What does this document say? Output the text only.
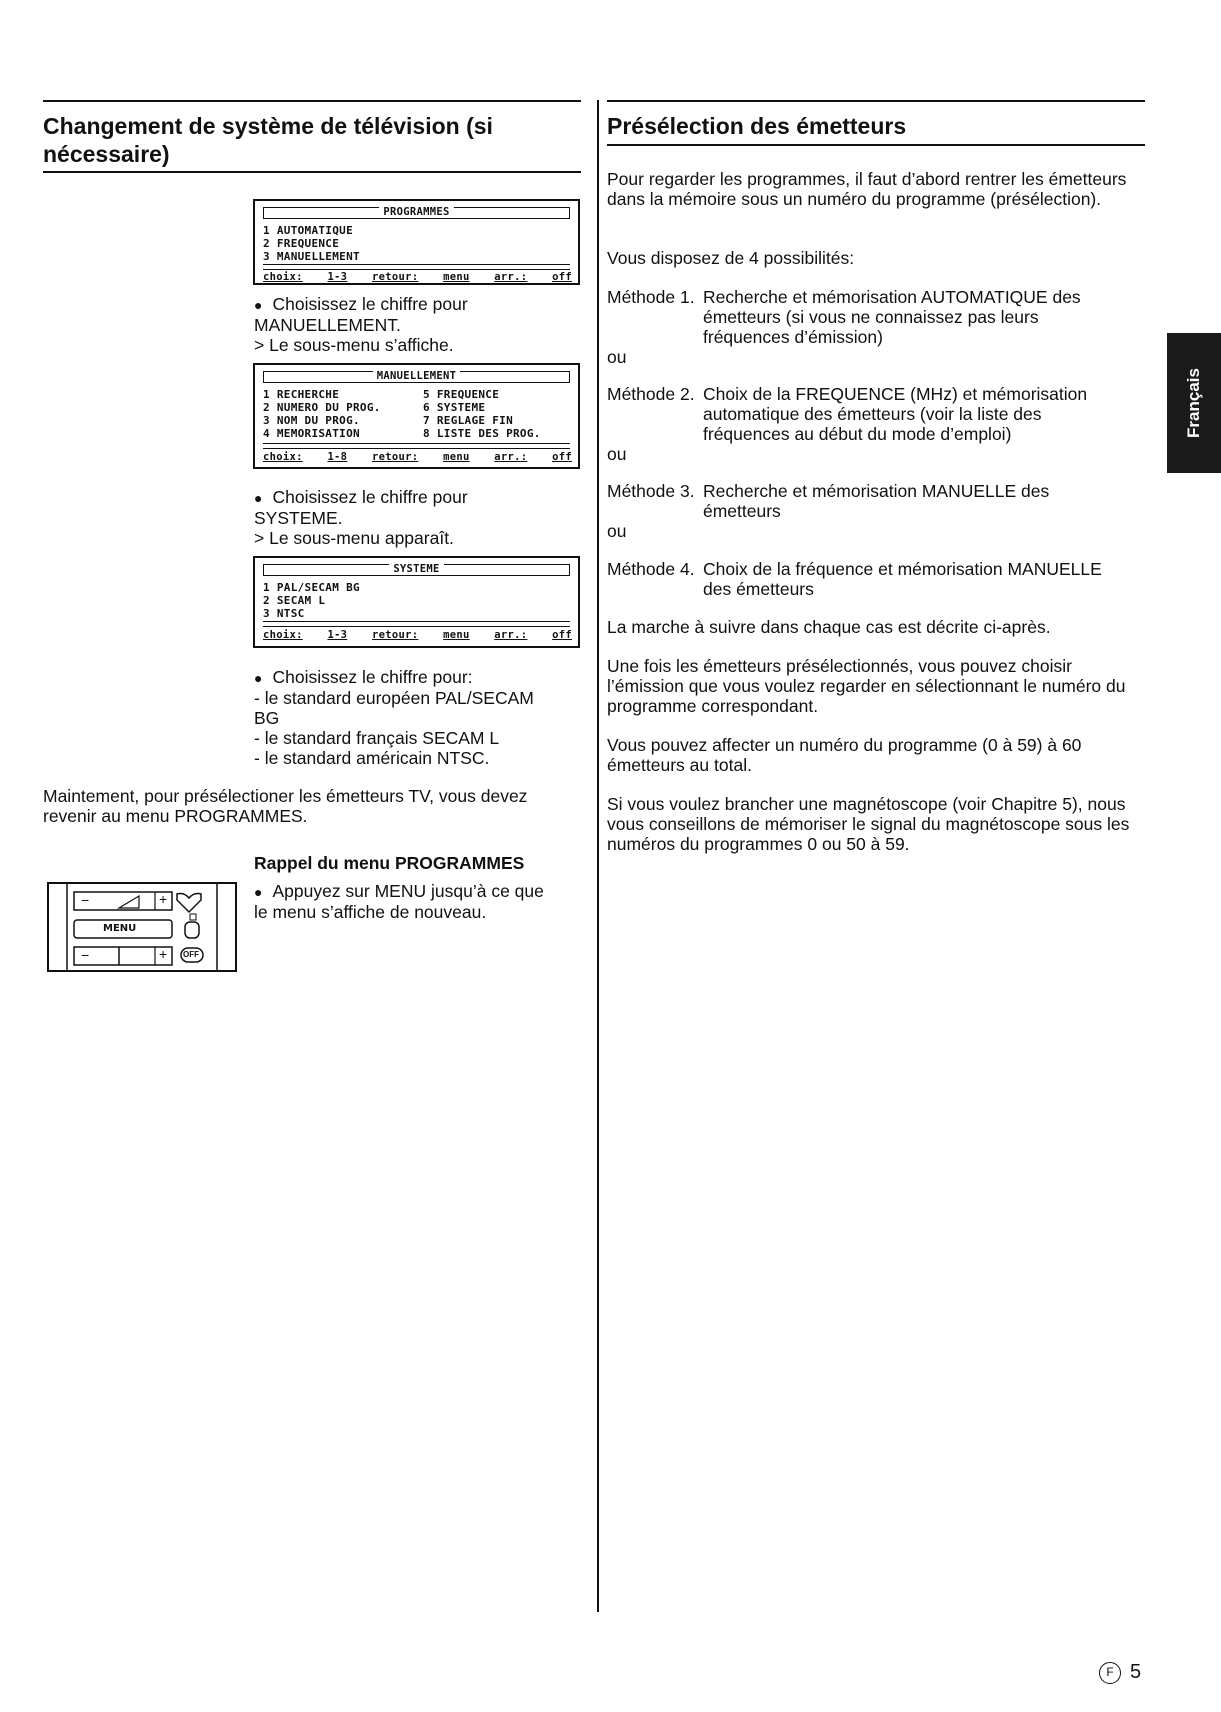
Changement de système de télévision (si nécessaire)
PROGRAMMES
1 AUTOMATIQUE
2 FREQUENCE
3 MANUELLEMENT
choix: 1-3 retour: menu arr.: off
● Choisissez le chiffre pour
MANUELLEMENT.
> Le sous-menu s’affiche.
MANUELLEMENT
1 RECHERCHE	5 FREQUENCE
2 NUMERO DU PROG.	6 SYSTEME
3 NOM DU PROG.	7 REGLAGE FIN
4 MEMORISATION	8 LISTE DES PROG.
choix: 1-8 retour: menu arr.: off
● Choisissez le chiffre pour
SYSTEME.
> Le sous-menu apparaît.
SYSTEME
1 PAL/SECAM BG
2 SECAM L
3 NTSC
choix: 1-3 retour: menu arr.: off
● Choisissez le chiffre pour:
- le standard européen PAL/SECAM
BG
- le standard français SECAM L
- le standard américain NTSC.
Maintement, pour présélectioner les émetteurs TV, vous devez revenir au menu PROGRAMMES.
Rappel du menu PROGRAMMES
● Appuyez sur MENU jusqu’à ce que
le menu s’affiche de nouveau.
−	+
MENU
−	+ OFF
Présélection des émetteurs
Pour regarder les programmes, il faut d’abord rentrer les émetteurs dans la mémoire sous un numéro du programme (présélection).
Vous disposez de 4 possibilités:
Méthode 1. Recherche et mémorisation AUTOMATIQUE des
émetteurs (si vous ne connaissez pas leurs
fréquences d’émission)
ou
Méthode 2. Choix de la FREQUENCE (MHz) et mémorisation
automatique des émetteurs (voir la liste des
fréquences au début du mode d’emploi)
ou
Méthode 3. Recherche et mémorisation MANUELLE des
émetteurs
ou
Méthode 4. Choix de la fréquence et mémorisation MANUELLE
des émetteurs
La marche à suivre dans chaque cas est décrite ci-après.
Une fois les émetteurs présélectionnés, vous pouvez choisir l’émission que vous voulez regarder en sélectionnant le numéro du programme correspondant.
Vous pouvez affecter un numéro du programme (0 à 59) à 60 émetteurs au total.
Si vous voulez brancher une magnétoscope (voir Chapitre 5), nous vous conseillons de mémoriser le signal du magnétoscope sous les numéros du programmes 0 ou 50 à 59.
Français
F 5
